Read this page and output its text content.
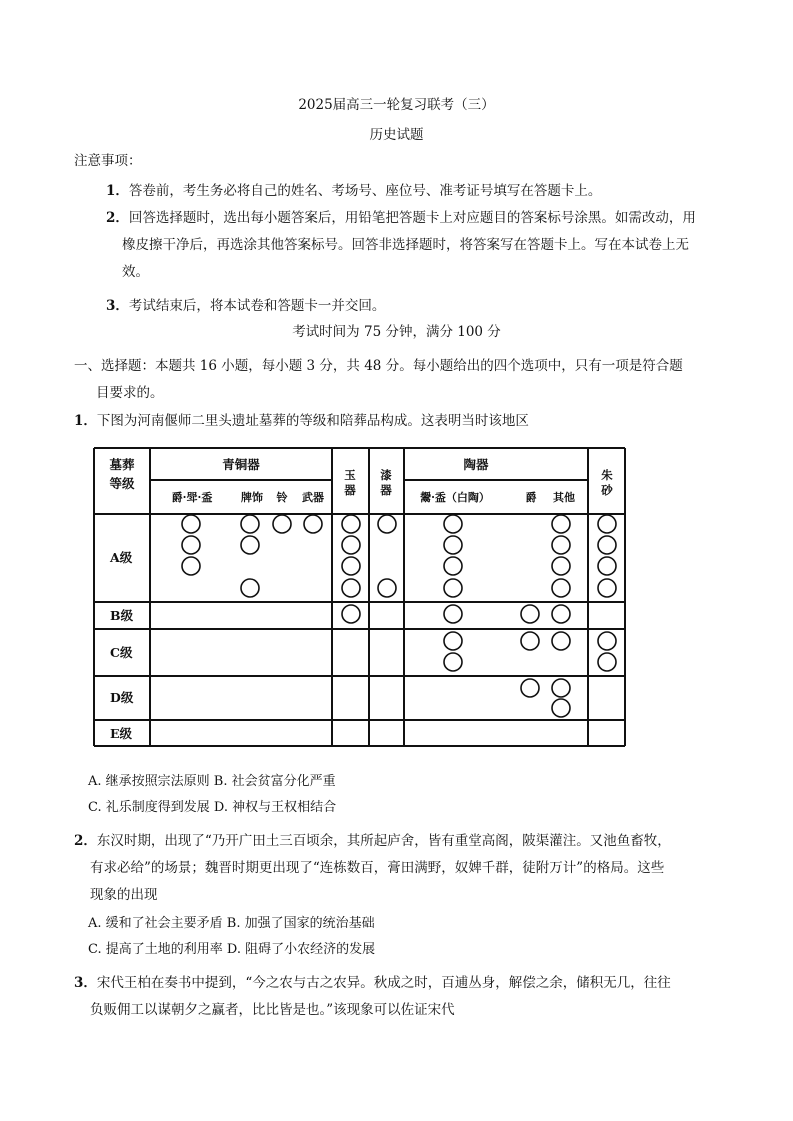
2025届高三一轮复习联考（三）
历史试题
注意事项：
1．答卷前，考生务必将自己的姓名、考场号、座位号、准考证号填写在答题卡上。
2．回答选择题时，选出每小题答案后，用铅笔把答题卡上对应题目的答案标号涂黑。如需改动，用
橡皮擦干净后，再选涂其他答案标号。回答非选择题时，将答案写在答题卡上。写在本试卷上无
效。
3．考试结束后，将本试卷和答题卡一并交回。
考试时间为 75 分钟，满分 100 分
一、选择题：本题共 16 小题，每小题 3 分，共 48 分。每小题给出的四个选项中，只有一项是符合题
目要求的。
1．下图为河南偃师二里头遗址墓葬的等级和陪葬品构成。这表明当时该地区
墓葬
等级
青铜器
爵·斝·盉	牌饰 铃 武器
玉
器
漆
器
陶器
鬶·盉（白陶）	爵 其他
朱
砂
A级
B级
C级
D级
E级
A. 继承按照宗法原则 B. 社会贫富分化严重
C. 礼乐制度得到发展 D. 神权与王权相结合
2．东汉时期，出现了“乃开广田土三百顷余，其所起庐舍，皆有重堂高阁，陂渠灌注。又池鱼畜牧，
有求必给”的场景；魏晋时期更出现了“连栋数百，膏田满野，奴婢千群，徒附万计”的格局。这些
现象的出现
A. 缓和了社会主要矛盾 B. 加强了国家的统治基础
C. 提高了土地的利用率 D. 阻碍了小农经济的发展
3．宋代王柏在奏书中提到，“今之农与古之农异。秋成之时，百逋丛身，解偿之余，储积无几，往往
负贩佣工以谋朝夕之赢者，比比皆是也。”该现象可以佐证宋代
